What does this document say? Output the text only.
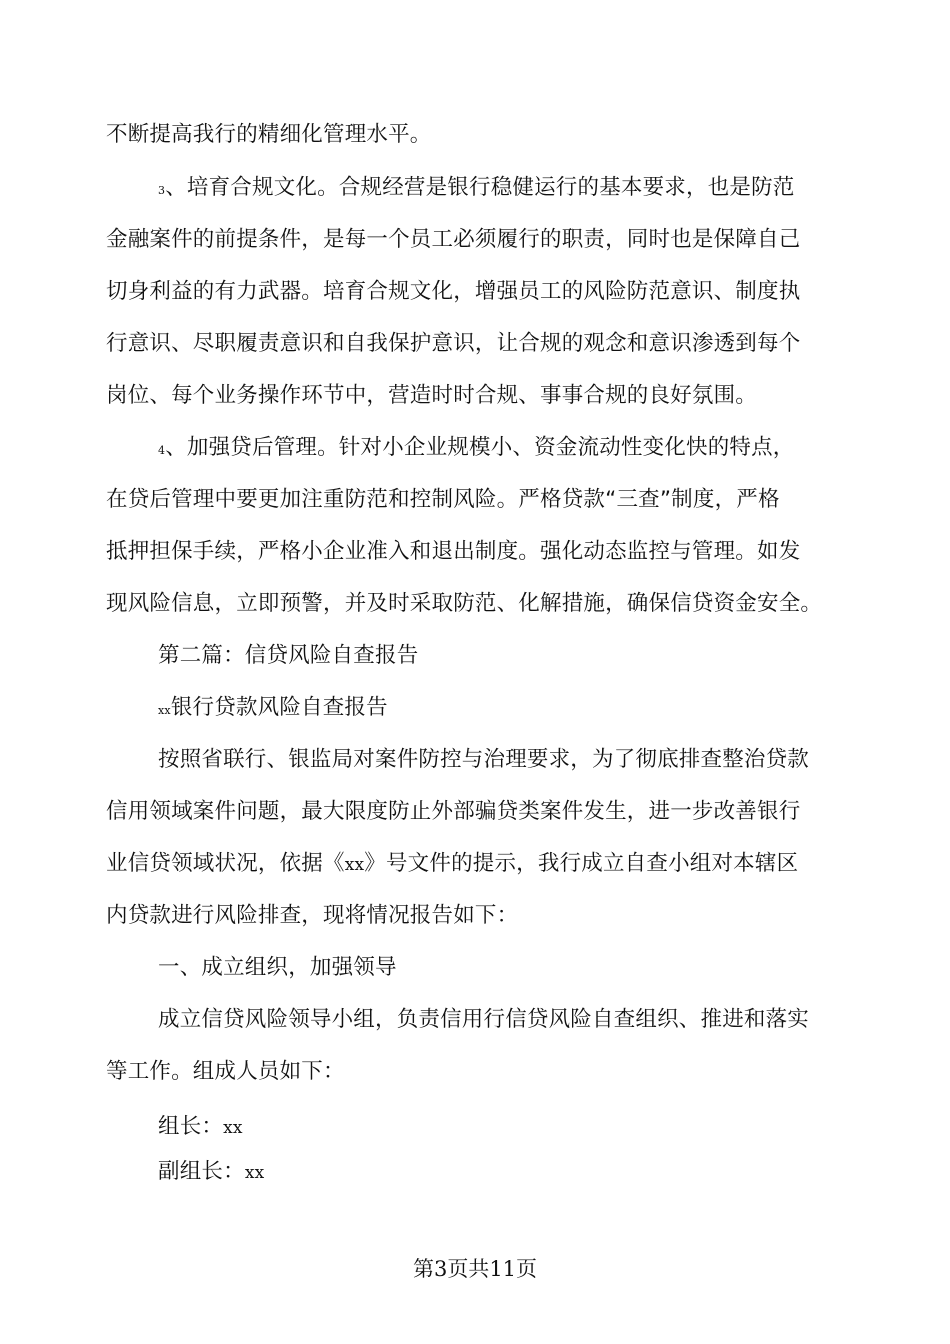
不断提高我行的精细化管理水平。
3、培育合规文化。合规经营是银行稳健运行的基本要求，也是防范
金融案件的前提条件，是每一个员工必须履行的职责，同时也是保障自己
切身利益的有力武器。培育合规文化，增强员工的风险防范意识、制度执
行意识、尽职履责意识和自我保护意识，让合规的观念和意识渗透到每个
岗位、每个业务操作环节中，营造时时合规、事事合规的良好氛围。
4、加强贷后管理。针对小企业规模小、资金流动性变化快的特点，
在贷后管理中要更加注重防范和控制风险。严格贷款“三查”制度，严格
抵押担保手续，严格小企业准入和退出制度。强化动态监控与管理。如发
现风险信息，立即预警，并及时采取防范、化解措施，确保信贷资金安全。
第二篇：信贷风险自查报告
xx银行贷款风险自查报告
按照省联行、银监局对案件防控与治理要求，为了彻底排查整治贷款
信用领域案件问题，最大限度防止外部骗贷类案件发生，进一步改善银行
业信贷领域状况，依据《xx》号文件的提示，我行成立自查小组对本辖区
内贷款进行风险排查，现将情况报告如下：
一、成立组织，加强领导
成立信贷风险领导小组，负责信用行信贷风险自查组织、推进和落实
等工作。组成人员如下：
组长：xx
副组长：xx
第3页共11页
